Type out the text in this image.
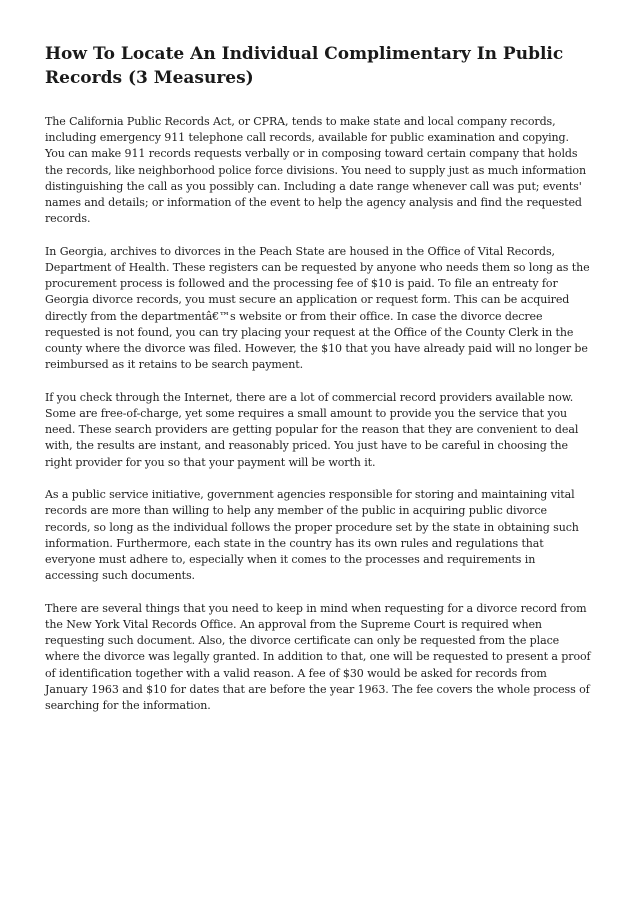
How To Locate An Individual Complimentary In Public Records (3 Measures)

The California Public Records Act, or CPRA, tends to make state and local company records, including emergency 911 telephone call records, available for public examination and copying. You can make 911 records requests verbally or in composing toward certain company that holds the records, like neighborhood police force divisions. You need to supply just as much information distinguishing the call as you possibly can. Including a date range whenever call was put; events' names and details; or information of the event to help the agency analysis and find the requested records.

In Georgia, archives to divorces in the Peach State are housed in the Office of Vital Records, Department of Health. These registers can be requested by anyone who needs them so long as the procurement process is followed and the processing fee of $10 is paid. To file an entreaty for Georgia divorce records, you must secure an application or request form. This can be acquired directly from the departmentâ€™s website or from their office. In case the divorce decree requested is not found, you can try placing your request at the Office of the County Clerk in the county where the divorce was filed. However, the $10 that you have already paid will no longer be reimbursed as it retains to be search payment.

If you check through the Internet, there are a lot of commercial record providers available now. Some are free-of-charge, yet some requires a small amount to provide you the service that you need. These search providers are getting popular for the reason that they are convenient to deal with, the results are instant, and reasonably priced. You just have to be careful in choosing the right provider for you so that your payment will be worth it.

As a public service initiative, government agencies responsible for storing and maintaining vital records are more than willing to help any member of the public in acquiring public divorce records, so long as the individual follows the proper procedure set by the state in obtaining such information. Furthermore, each state in the country has its own rules and regulations that everyone must adhere to, especially when it comes to the processes and requirements in accessing such documents.

There are several things that you need to keep in mind when requesting for a divorce record from the New York Vital Records Office. An approval from the Supreme Court is required when requesting such document. Also, the divorce certificate can only be requested from the place where the divorce was legally granted. In addition to that, one will be requested to present a proof of identification together with a valid reason. A fee of $30 would be asked for records from January 1963 and $10 for dates that are before the year 1963. The fee covers the whole process of searching for the information.
